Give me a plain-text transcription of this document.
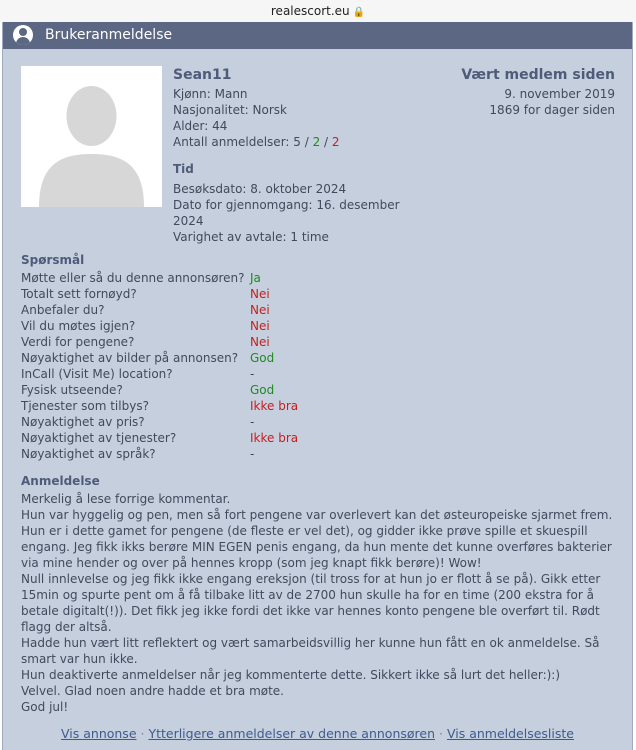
realescort.eu 🔒
Brukeranmeldelse
Sean11
Kjønn: Mann
Nasjonalitet: Norsk
Alder: 44
Antall anmeldelser: 5 / 2 / 2
Tid
Besøksdato: 8. oktober 2024
Dato for gjennomgang: 16. desember 2024
Varighet av avtale: 1 time
Vært medlem siden
9. november 2019
1869 for dager siden
Spørsmål
Møtte eller så du denne annonsøren? Ja
Totalt sett fornøyd?	Nei
Anbefaler du?	Nei
Vil du møtes igjen?	Nei
Verdi for pengene?	Nei
Nøyaktighet av bilder på annonsen? God
InCall (Visit Me) location?	-
Fysisk utseende?	God
Tjenester som tilbys?	Ikke bra
Nøyaktighet av pris?	-
Nøyaktighet av tjenester?	Ikke bra
Nøyaktighet av språk?	-
Anmeldelse

Merkelig å lese forrige kommentar.

Hun var hyggelig og pen, men så fort pengene var overlevert kan det østeuropeiske sjarmet frem. Hun er i dette gamet for pengene (de fleste er vel det), og gidder ikke prøve spille et skuespill engang. Jeg fikk ikks berøre MIN EGEN penis engang, da hun mente det kunne overføres bakterier via mine hender og over på hennes kropp (som jeg knapt fikk berøre)! Wow!

Null innlevelse og jeg fikk ikke engang ereksjon (til tross for at hun jo er flott å se på). Gikk etter 15min og spurte pent om å få tilbake litt av de 2700 hun skulle ha for en time (200 ekstra for å betale digitalt(!)). Det fikk jeg ikke fordi det ikke var hennes konto pengene ble overført til. Rødt flagg der altså.

Hadde hun vært litt reflektert og vært samarbeidsvillig her kunne hun fått en ok anmeldelse. Så smart var hun ikke.

Hun deaktiverte anmeldelser når jeg kommenterte dette. Sikkert ikke så lurt det heller:):)

Velvel. Glad noen andre hadde et bra møte.

God jul!

Vis annonse · Ytterligere anmeldelser av denne annonsøren · Vis anmeldelsesliste
